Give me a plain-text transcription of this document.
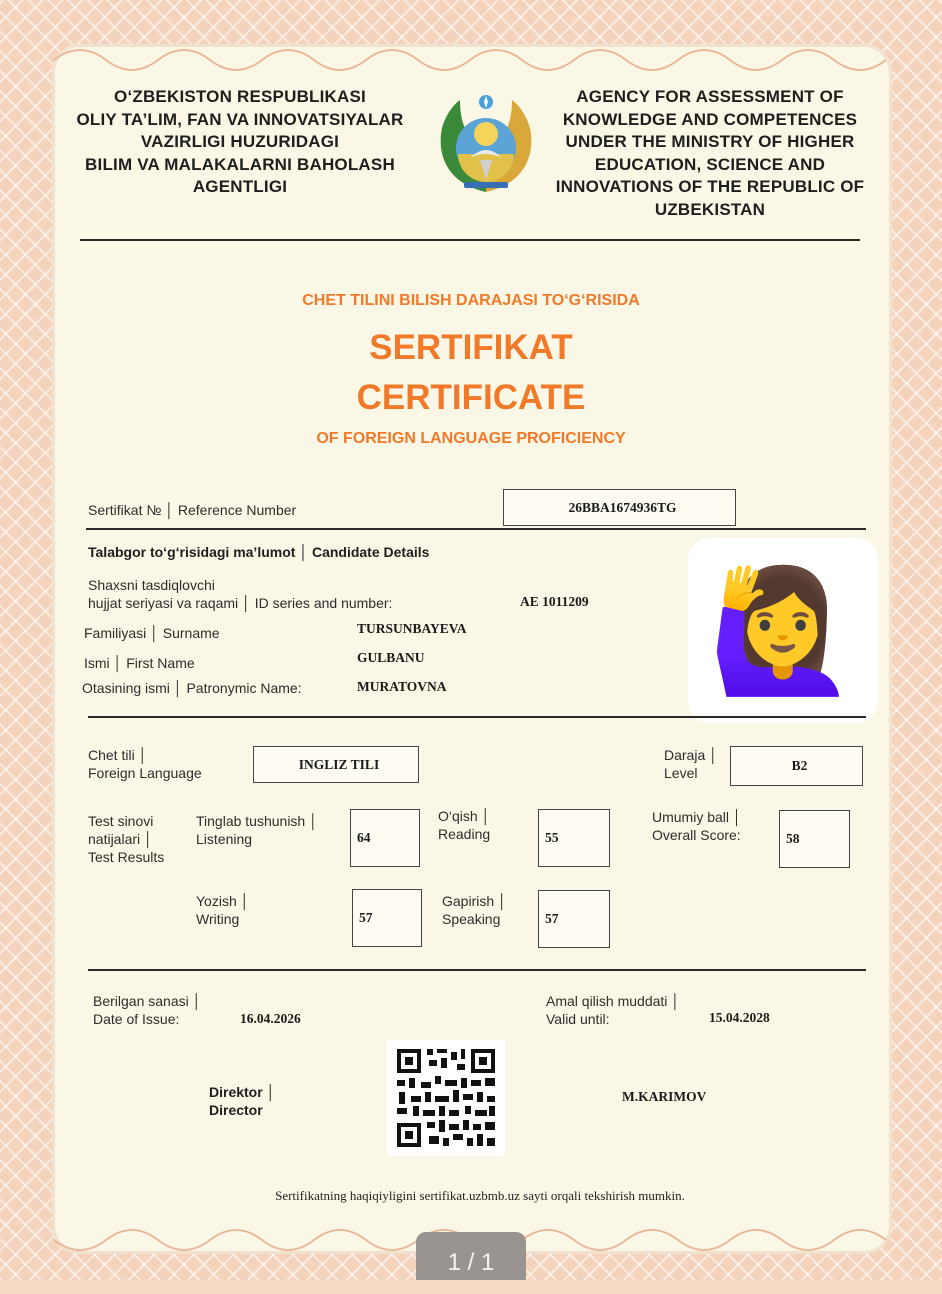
O‘ZBEKISTON RESPUBLIKASI
OLIY TA’LIM, FAN VA INNOVATSIYALAR
VAZIRLIGI HUZURIDAGI
BILIM VA MALAKALARNI BAHOLASH
AGENTLIGI
AGENCY FOR ASSESSMENT OF
KNOWLEDGE AND COMPETENCES
UNDER THE MINISTRY OF HIGHER
EDUCATION, SCIENCE AND
INNOVATIONS OF THE REPUBLIC OF
UZBEKISTAN
CHET TILINI BILISH DARAJASI TO‘G‘RISIDA
SERTIFIKAT
CERTIFICATE
OF FOREIGN LANGUAGE PROFICIENCY
Sertifikat № │ Reference Number	26BBA1674936TG
Talabgor to‘g‘risidagi ma’lumot │ Candidate Details
Shaxsni tasdiqlovchi
hujjat seriyasi va raqami │ ID series and number:	AE 1011209
Familiyasi │ Surname	TURSUNBAYEVA
Ismi │ First Name	GULBANU
Otasining ismi │ Patronymic Name:	MURATOVNA 🙋‍♀️
Chet tili │
Foreign Language
INGLIZ TILI
Daraja │
Level	B2
Test sinovi
natijalari │
Test Results
Tinglab tushunish │
Listening	64
O‘qish │
Reading	55
Umumiy ball │
Overall Score:	58
Yozish │
Writing	57
Gapirish │
Speaking	57
Berilgan sanasi │
Date of Issue:	16.04.2026
Amal qilish muddati │
Valid until:	15.04.2028
Direktor │
Director
M.KARIMOV
Sertifikatning haqiqiyligini sertifikat.uzbmb.uz sayti orqali tekshirish mumkin.
1 / 1
